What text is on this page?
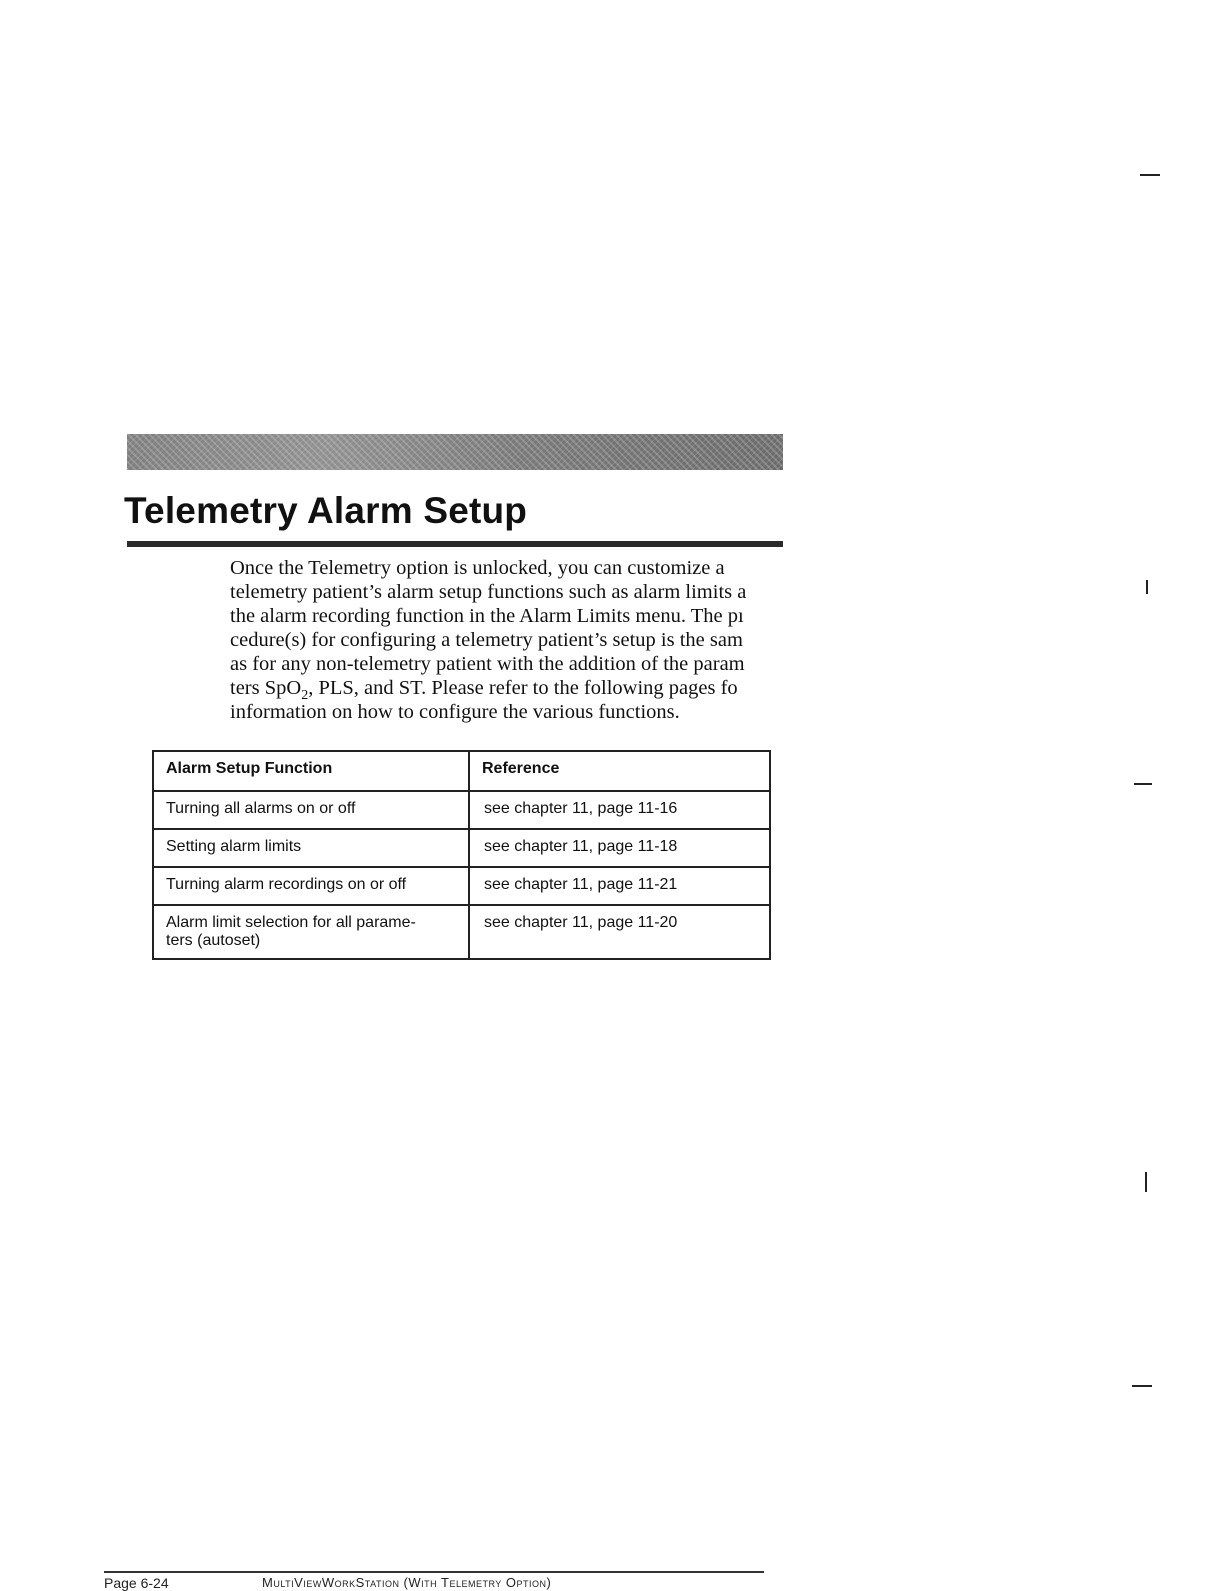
Telemetry Alarm Setup

Once the Telemetry option is unlocked, you can customize a
telemetry patient’s alarm setup functions such as alarm limits a
the alarm recording function in the Alarm Limits menu. The pı
cedure(s) for configuring a telemetry patient’s setup is the sam
as for any non-telemetry patient with the addition of the param
ters SpO$_2$, PLS, and ST. Please refer to the following pages fo
information on how to configure the various functions.

Alarm Setup Function	Reference
Turning all alarms on or off	see chapter 11, page 11-16
Setting alarm limits	see chapter 11, page 11-18
Turning alarm recordings on or off	see chapter 11, page 11-21
Alarm limit selection for all parame-
ters (autoset)	see chapter 11, page 11-20
Page 6-24	MultiViewWorkStation (With Telemetry Option)
